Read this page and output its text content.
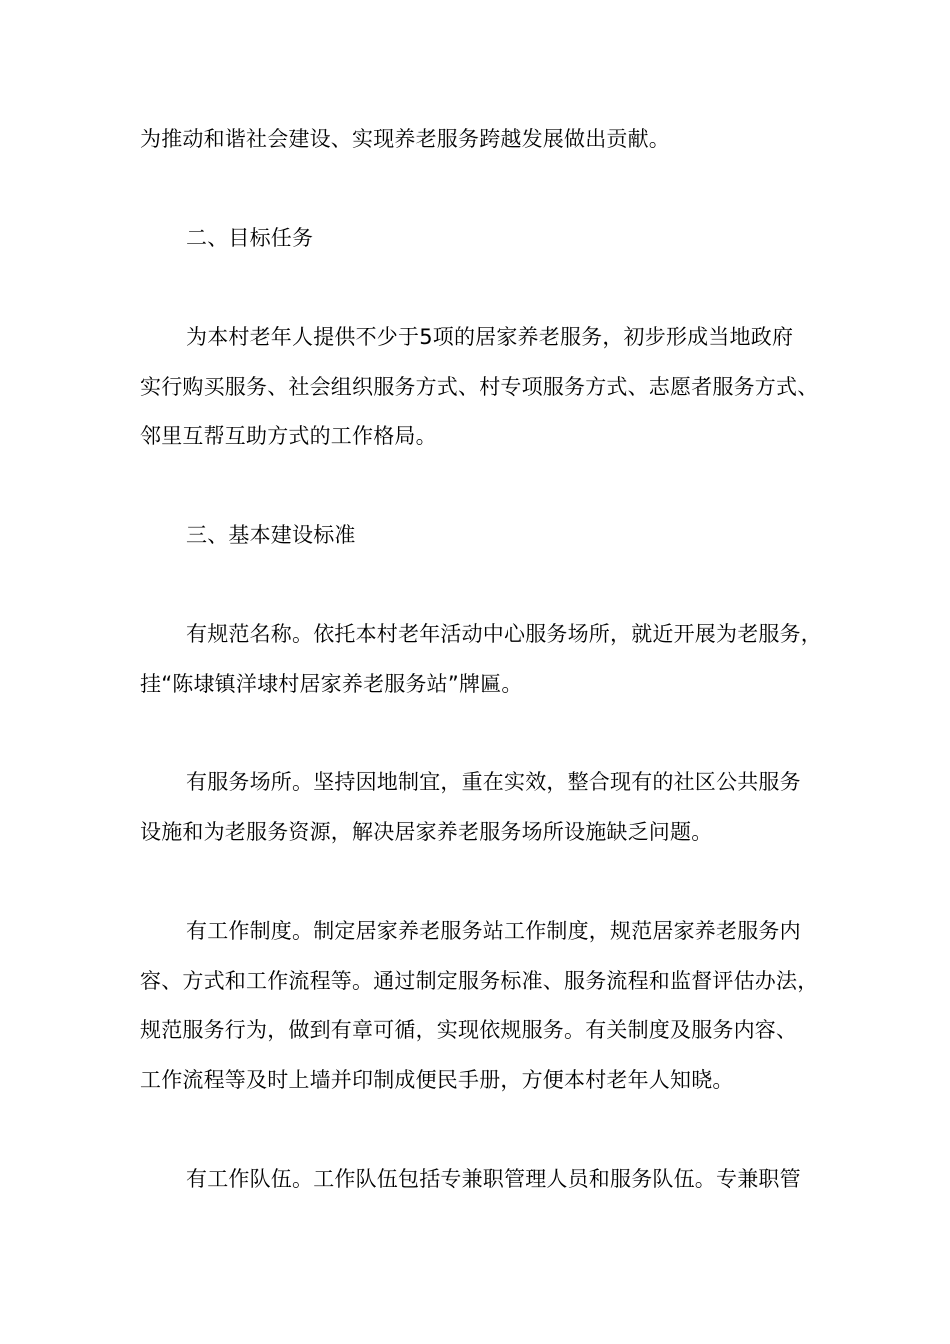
为推动和谐社会建设、实现养老服务跨越发展做出贡献。
二、目标任务
为本村老年人提供不少于5项的居家养老服务，初步形成当地政府
实行购买服务、社会组织服务方式、村专项服务方式、志愿者服务方式、
邻里互帮互助方式的工作格局。
三、基本建设标准
有规范名称。依托本村老年活动中心服务场所，就近开展为老服务，
挂“陈埭镇洋埭村居家养老服务站”牌匾。
有服务场所。坚持因地制宜，重在实效，整合现有的社区公共服务
设施和为老服务资源，解决居家养老服务场所设施缺乏问题。
有工作制度。制定居家养老服务站工作制度，规范居家养老服务内
容、方式和工作流程等。通过制定服务标准、服务流程和监督评估办法，
规范服务行为，做到有章可循，实现依规服务。有关制度及服务内容、
工作流程等及时上墙并印制成便民手册，方便本村老年人知晓。
有工作队伍。工作队伍包括专兼职管理人员和服务队伍。专兼职管
